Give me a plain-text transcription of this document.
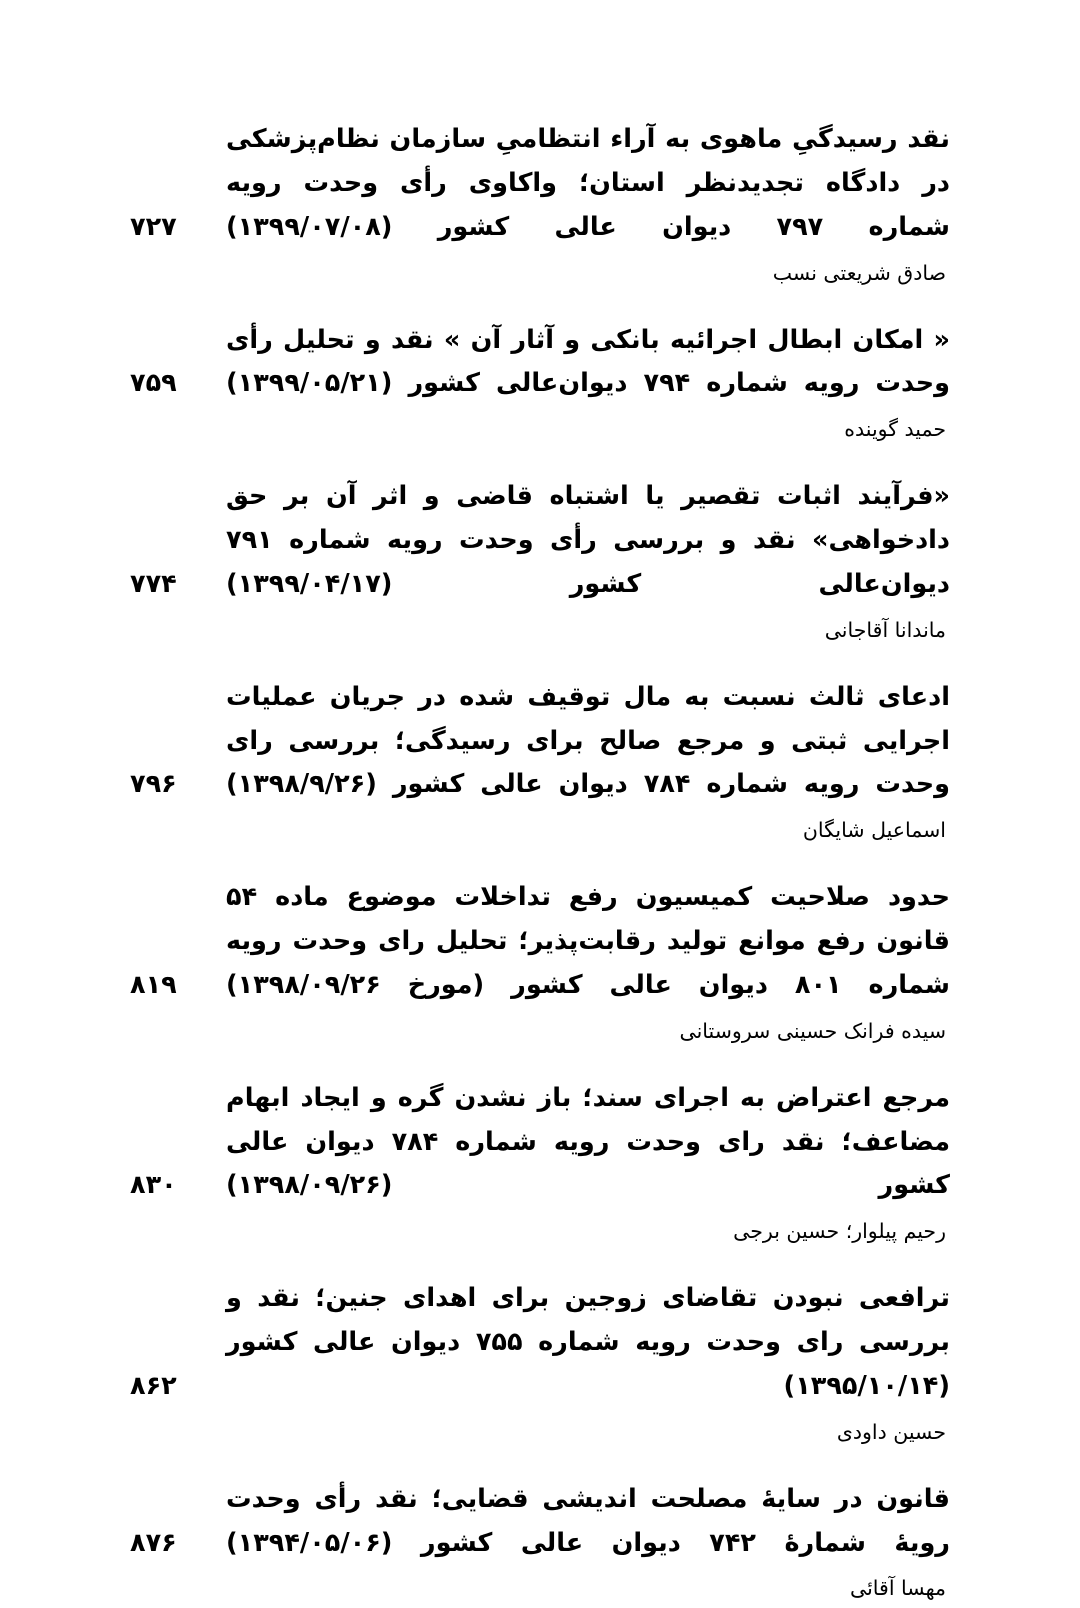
نقد رسیدگیِ ماهوی به آراء انتظامیِ سازمان نظام‌پزشکی در دادگاه تجدیدنظر استان؛ واکاوی رأی وحدت رویه شماره ۷۹۷ دیوان عالی کشور (۱۳۹۹/۰۷/۰۸)

۷۲۷

صادق شریعتی نسب

« امکان ابطال اجرائیه بانکی و آثار آن » نقد و تحلیل رأی وحدت رویه شماره ۷۹۴ دیوان‌عالی کشور (۱۳۹۹/۰۵/۲۱)

۷۵۹

حمید گوینده

«فرآیند اثبات تقصیر یا اشتباه قاضی و اثر آن بر حق دادخواهی» نقد و بررسی رأی وحدت رویه شماره ۷۹۱ دیوان‌عالی کشور (۱۳۹۹/۰۴/۱۷)

۷۷۴

ماندانا آقاجانی

ادعای ثالث نسبت به مال توقیف شده در جریان عملیات اجرایی ثبتی و مرجع صالح برای رسیدگی؛ بررسی رای وحدت رویه شماره ۷۸۴ دیوان عالی کشور (۱۳۹۸/۹/۲۶)

۷۹۶

اسماعیل شایگان

حدود صلاحیت کمیسیون رفع تداخلات موضوع ماده ۵۴ قانون رفع موانع تولید رقابت‌پذیر؛ تحلیل رای وحدت رویه شماره ۸۰۱ دیوان عالی کشور (مورخ ۱۳۹۸/۰۹/۲۶)

۸۱۹

سیده فرانک حسینی سروستانی

مرجع اعتراض به اجرای سند؛ باز نشدن گره و ایجاد ابهام مضاعف؛ نقد رای وحدت رویه شماره ۷۸۴ دیوان عالی کشور (۱۳۹۸/۰۹/۲۶)

۸۳۰

رحیم پیلوار؛ حسین برجی

ترافعی نبودن تقاضای زوجین برای اهدای جنین؛ نقد و بررسی رای وحدت رویه شماره ۷۵۵ دیوان عالی کشور (۱۳۹۵/۱۰/۱۴)

۸۶۲

حسین داودی

قانون در سایهٔ مصلحت اندیشی قضایی؛ نقد رأی وحدت رویهٔ شمارهٔ ۷۴۲ دیوان عالی کشور (۱۳۹۴/۰۵/۰۶)

۸۷۶

مهسا آقائی
